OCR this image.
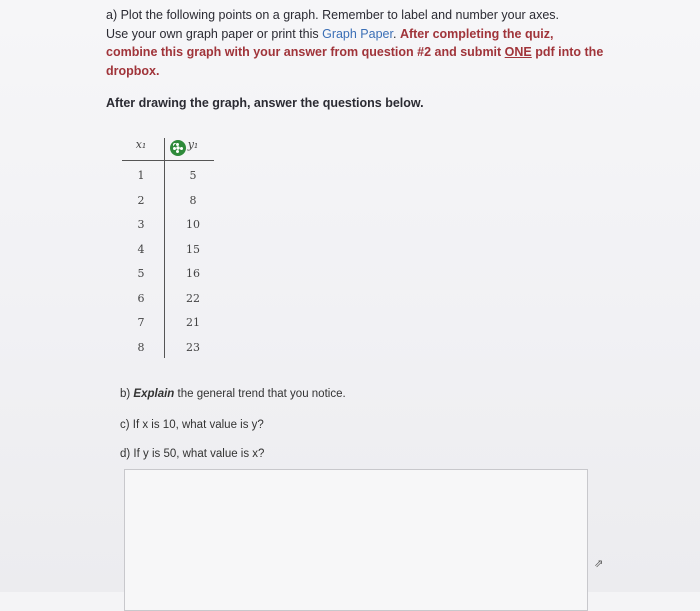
a) Plot the following points on a graph. Remember to label and number your axes.
Use your own graph paper or print this Graph Paper. After completing the quiz,
combine this graph with your answer from question #2 and submit ONE pdf into the
dropbox.
After drawing the graph, answer the questions below.
x₁	y₁
1	5
2	8
3	10
4	15
5	16
6	22
7	21
8	23
b) Explain the general trend that you notice.
c) If x is 10, what value is y?
d) If y is 50, what value is x?
⇗
